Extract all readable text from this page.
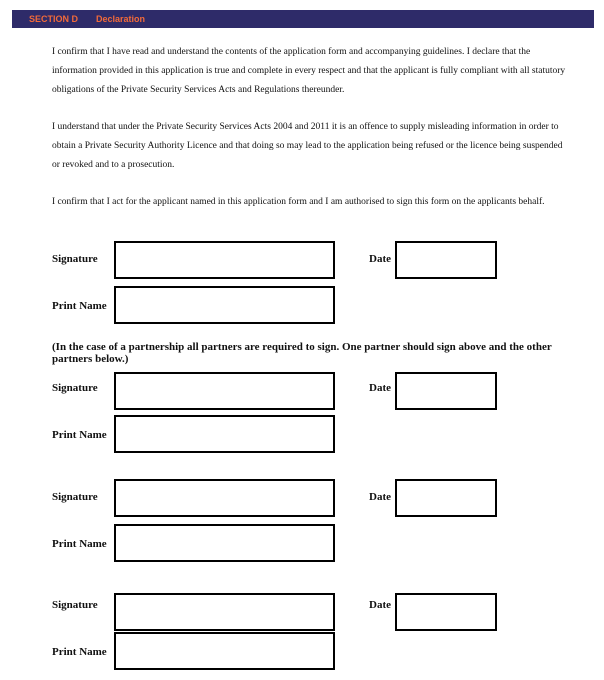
SECTION D Declaration

I confirm that I have read and understand the contents of the application form and accompanying guidelines. I declare that the information provided in this application is true and complete in every respect and that the applicant is fully compliant with all statutory obligations of the Private Security Services Acts and Regulations thereunder.

I understand that under the Private Security Services Acts 2004 and 2011 it is an offence to supply misleading information in order to obtain a Private Security Authority Licence and that doing so may lead to the application being refused or the licence being suspended or revoked and to a prosecution.

I confirm that I act for the applicant named in this application form and I am authorised to sign this form on the applicants behalf.

Signature	Date
Print Name

(In the case of a partnership all partners are required to sign. One partner should sign above and the other partners below.)

Signature	Date
Print Name
Signature	Date
Print Name
Signature	Date
Print Name
